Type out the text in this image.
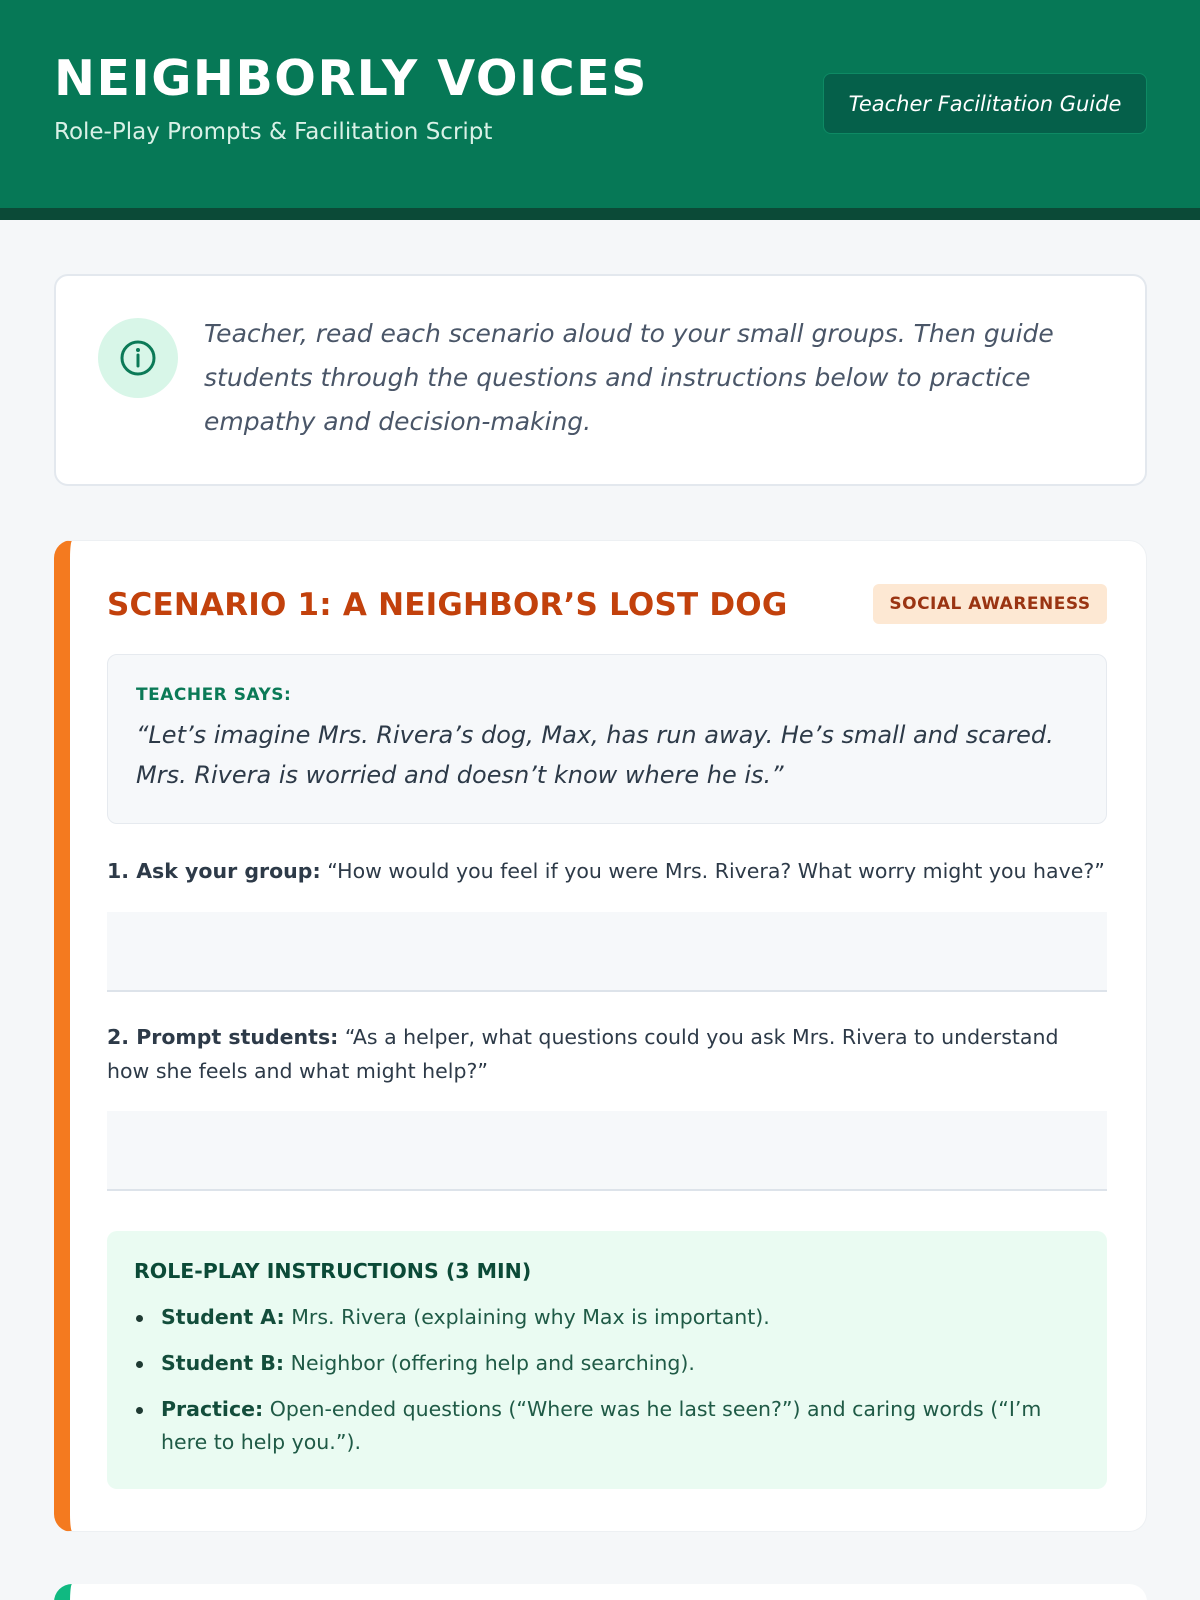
NEIGHBORLY VOICES
Role-Play Prompts & Facilitation Script
Teacher Facilitation Guide
Teacher, read each scenario aloud to your small groups. Then guide students through the questions and instructions below to practice empathy and decision-making.
SCENARIO 1: A NEIGHBOR’S LOST DOG	SOCIAL AWARENESS
TEACHER SAYS:
“Let’s imagine Mrs. Rivera’s dog, Max, has run away. He’s small and scared. Mrs. Rivera is worried and doesn’t know where he is.”
1. Ask your group: “How would you feel if you were Mrs. Rivera? What worry might you have?”
2. Prompt students: “As a helper, what questions could you ask Mrs. Rivera to understand how she feels and what might help?”
ROLE-PLAY INSTRUCTIONS (3 MIN)
Student A: Mrs. Rivera (explaining why Max is important).
Student B: Neighbor (offering help and searching).
Practice: Open-ended questions (“Where was he last seen?”) and caring words (“I’m here to help you.”).
